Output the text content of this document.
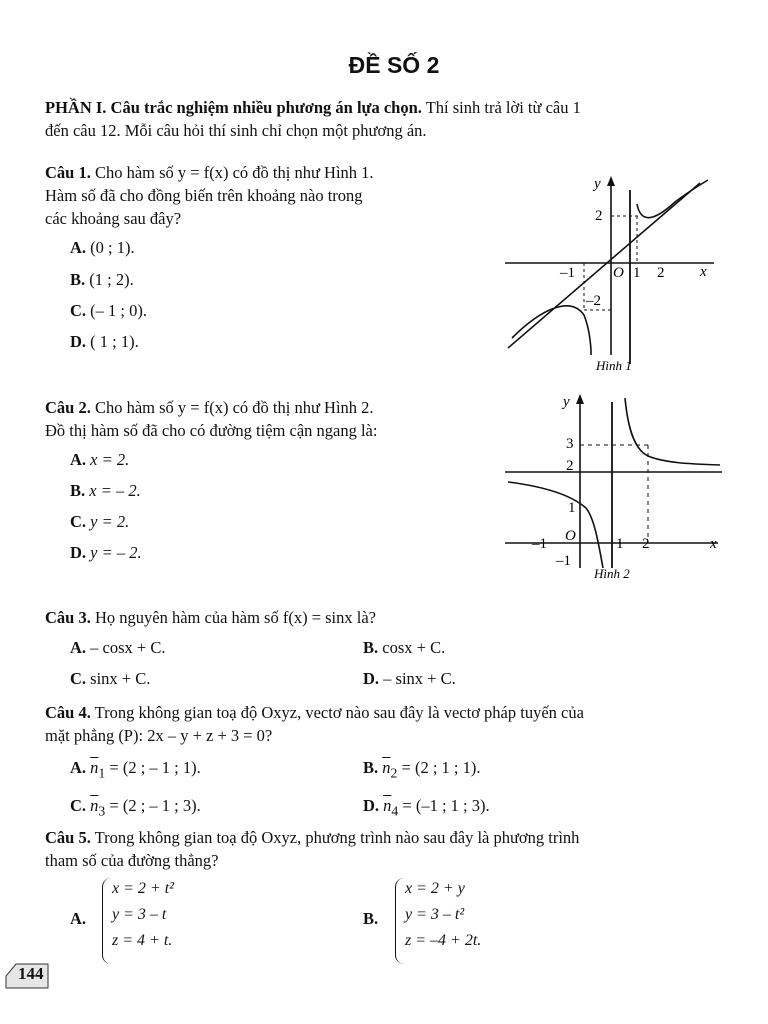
ĐỀ SỐ 2
PHẦN I. Câu trắc nghiệm nhiều phương án lựa chọn. Thí sinh trả lời từ câu 1
đến câu 12. Mỗi câu hỏi thí sinh chỉ chọn một phương án.
Câu 1. Cho hàm số y = f(x) có đồ thị như Hình 1.
Hàm số đã cho đồng biến trên khoảng nào trong
các khoảng sau đây?
A. (0 ; 1).
B. (1 ; 2).
C. (– 1 ; 0).
D. ( 1 ; 1).
y
x
2
–1	O 1 2
–2
Hình 1
Câu 2. Cho hàm số y = f(x) có đồ thị như Hình 2.
Đồ thị hàm số đã cho có đường tiệm cận ngang là:
A. x = 2.
B. x = – 2.
C. y = 2.
D. y = – 2.
y
x
3
2
1
–1 O	1 2
–1
Hình 2
Câu 3. Họ nguyên hàm của hàm số f(x) = sinx là?
A. – cosx + C.	B. cosx + C.
C. sinx + C.	D. – sinx + C.
Câu 4. Trong không gian toạ độ Oxyz, vectơ nào sau đây là vectơ pháp tuyến của
mặt phẳng (P): 2x – y + z + 3 = 0?
A. $\overline{n}_1 = (2$ ; – 1 ; 1).	B. $\overline{n}_2 = (2$ ; 1 ; 1).
C. $\overline{n}_3 = (2$ ; – 1 ; 3).	D. $\overline{n}_4 = (-1$ ; 1 ; 3).
Câu 5. Trong không gian toạ độ Oxyz, phương trình nào sau đây là phương trình
tham số của đường thẳng?
A.
x = 2 + t²
y = 3 – t
z = 4 + t.
B.
x = 2 + y
y = 3 – t²
z = –4 + 2t.
144
